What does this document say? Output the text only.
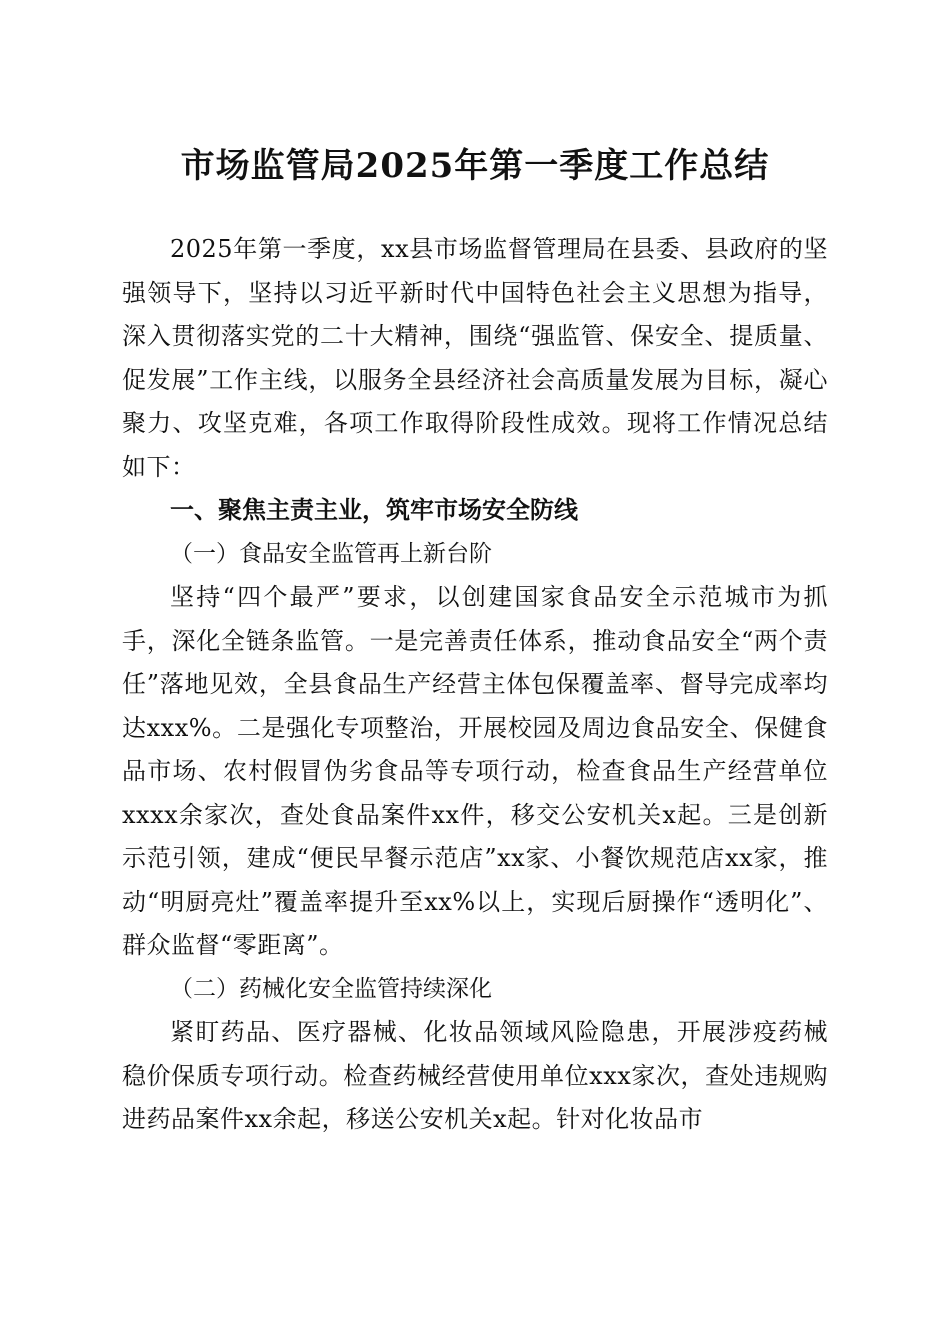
市场监管局2025年第一季度工作总结

2025年第一季度，xx县市场监督管理局在县委、县政府的坚强领导下，坚持以习近平新时代中国特色社会主义思想为指导，深入贯彻落实党的二十大精神，围绕“强监管、保安全、提质量、促发展”工作主线，以服务全县经济社会高质量发展为目标，凝心聚力、攻坚克难，各项工作取得阶段性成效。现将工作情况总结如下：

一、聚焦主责主业，筑牢市场安全防线

（一）食品安全监管再上新台阶

坚持“四个最严”要求，以创建国家食品安全示范城市为抓手，深化全链条监管。一是完善责任体系，推动食品安全“两个责任”落地见效，全县食品生产经营主体包保覆盖率、督导完成率均达xxx%。二是强化专项整治，开展校园及周边食品安全、保健食品市场、农村假冒伪劣食品等专项行动，检查食品生产经营单位xxxx余家次，查处食品案件xx件，移交公安机关x起。三是创新示范引领，建成“便民早餐示范店”xx家、小餐饮规范店xx家，推动“明厨亮灶”覆盖率提升至xx%以上，实现后厨操作“透明化”、群众监督“零距离”。

（二）药械化安全监管持续深化

紧盯药品、医疗器械、化妆品领域风险隐患，开展涉疫药械稳价保质专项行动。检查药械经营使用单位xxx家次，查处违规购进药品案件xx余起，移送公安机关x起。针对化妆品市
